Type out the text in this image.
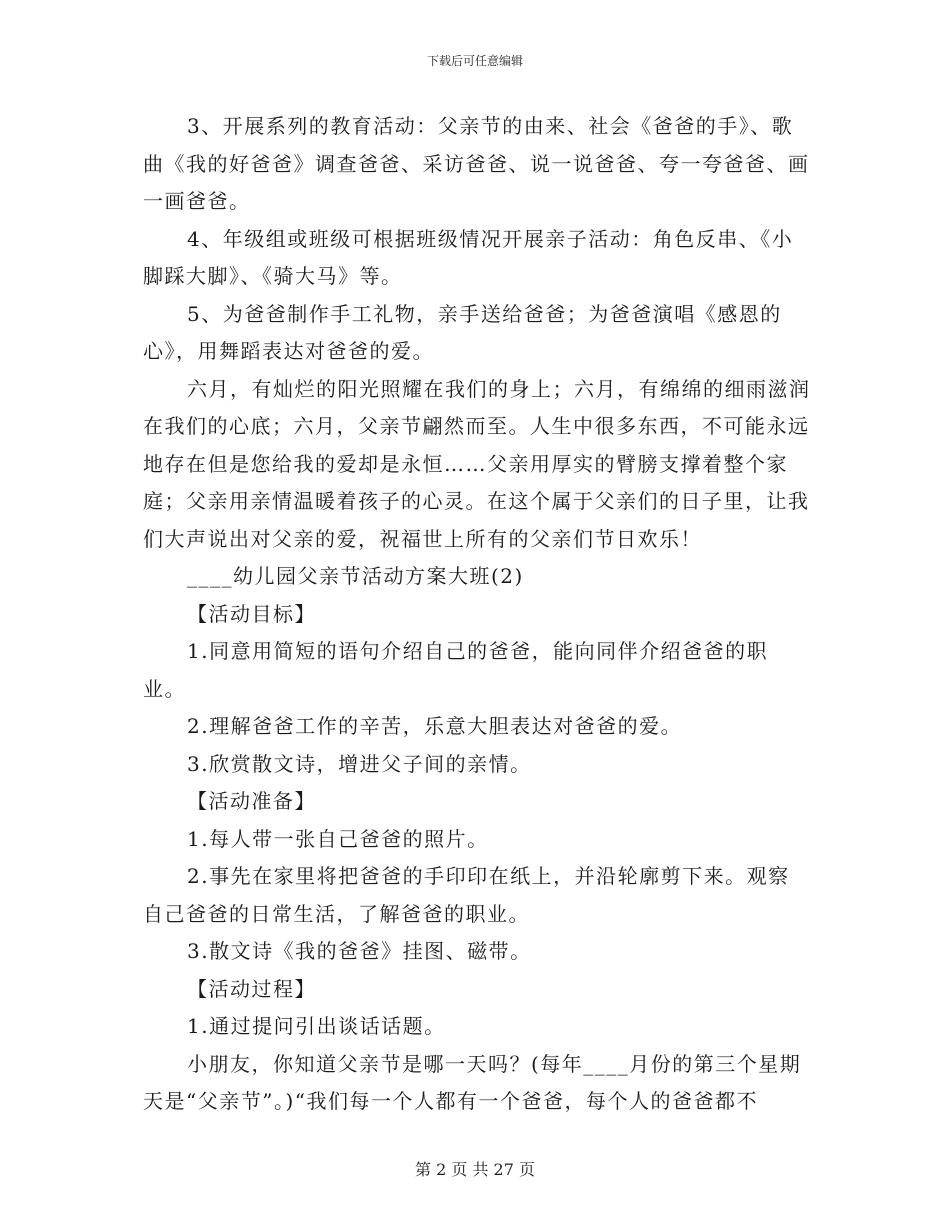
下载后可任意编辑

3、开展系列的教育活动：父亲节的由来、社会《爸爸的手》、歌曲《我的好爸爸》调查爸爸、采访爸爸、说一说爸爸、夸一夸爸爸、画一画爸爸。

4、年级组或班级可根据班级情况开展亲子活动：角色反串、《小脚踩大脚》、《骑大马》等。

5、为爸爸制作手工礼物，亲手送给爸爸；为爸爸演唱《感恩的心》，用舞蹈表达对爸爸的爱。

六月，有灿烂的阳光照耀在我们的身上；六月，有绵绵的细雨滋润在我们的心底；六月，父亲节翩然而至。人生中很多东西，不可能永远地存在但是您给我的爱却是永恒……父亲用厚实的臂膀支撑着整个家庭；父亲用亲情温暖着孩子的心灵。在这个属于父亲们的日子里，让我们大声说出对父亲的爱，祝福世上所有的父亲们节日欢乐！

____幼儿园父亲节活动方案大班(2)

【活动目标】

1.同意用简短的语句介绍自己的爸爸，能向同伴介绍爸爸的职业。

2.理解爸爸工作的辛苦，乐意大胆表达对爸爸的爱。

3.欣赏散文诗，增进父子间的亲情。

【活动准备】

1.每人带一张自己爸爸的照片。

2.事先在家里将把爸爸的手印印在纸上，并沿轮廓剪下来。观察自己爸爸的日常生活，了解爸爸的职业。

3.散文诗《我的爸爸》挂图、磁带。

【活动过程】

1.通过提问引出谈话话题。

小朋友，你知道父亲节是哪一天吗？(每年____月份的第三个星期天是“父亲节”。)“我们每一个人都有一个爸爸，每个人的爸爸都不

第 2 页 共 27 页
